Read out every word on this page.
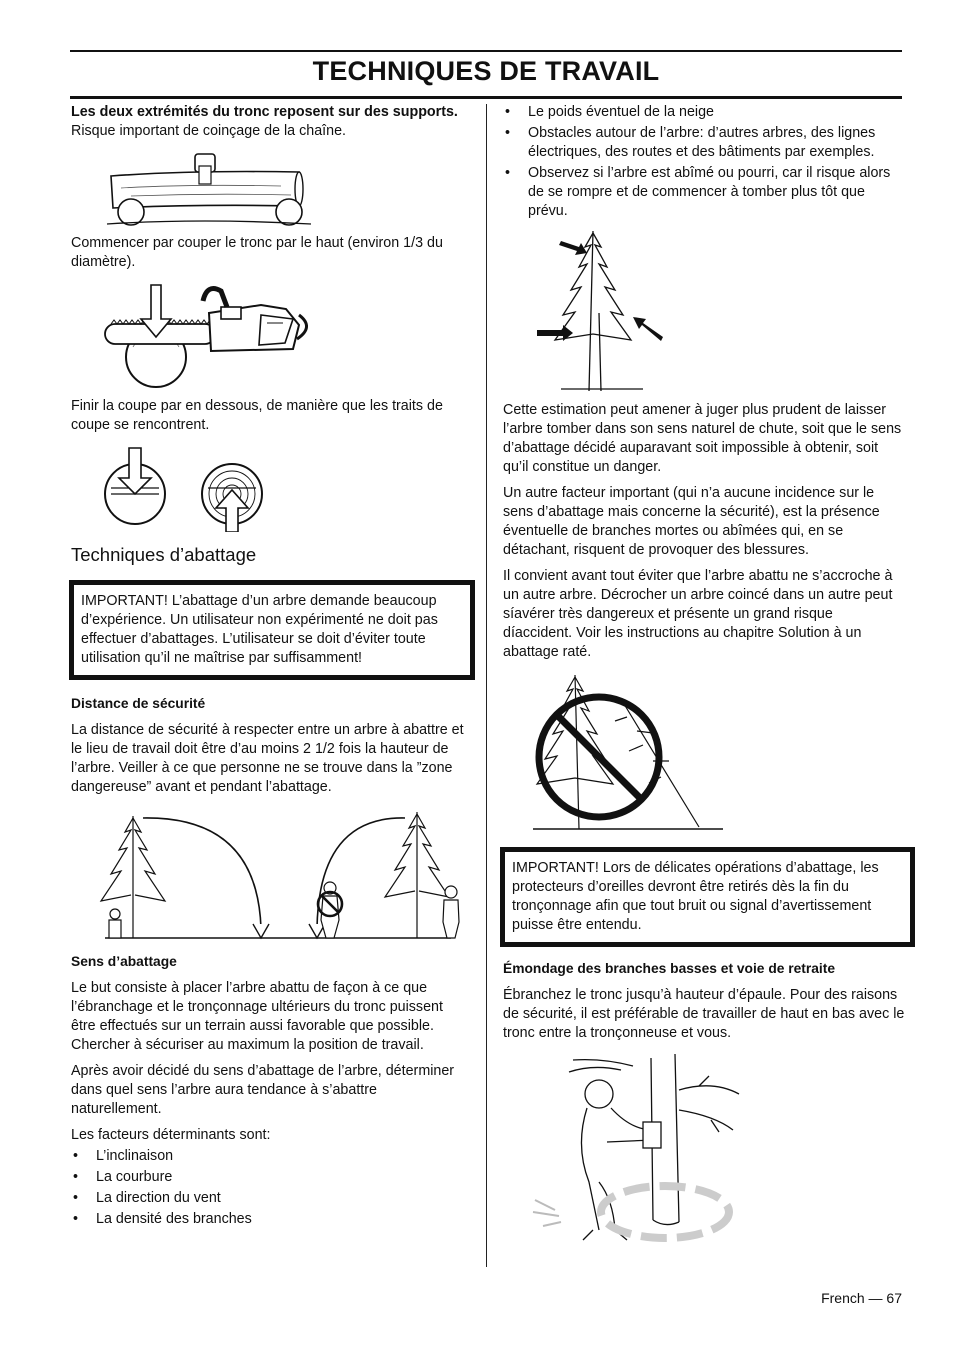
TECHNIQUES DE TRAVAIL

Les deux extrémités du tronc reposent sur des supports. Risque important de coinçage de la chaîne.

Commencer par couper le tronc par le haut (environ 1/3 du diamètre).

Finir la coupe par en dessous, de manière que les traits de coupe se rencontrent.

Techniques d’abattage
IMPORTANT! L’abattage d’un arbre demande beaucoup d’expérience. Un utilisateur non expérimenté ne doit pas effectuer d’abattages. L’utilisateur se doit d’éviter toute utilisation qu’il ne maîtrise par suffisamment!
Distance de sécurité

La distance de sécurité à respecter entre un arbre à abattre et le lieu de travail doit être d’au moins 2 1/2 fois la hauteur de l’arbre. Veiller à ce que personne ne se trouve dans la ”zone dangereuse” avant et pendant l’abattage.

Sens d’abattage

Le but consiste à placer l’arbre abattu de façon à ce que l’ébranchage et le tronçonnage ultérieurs du tronc puissent être effectués sur un terrain aussi favorable que possible. Chercher à sécuriser au maximum la position de travail.

Après avoir décidé du sens d’abattage de l’arbre, déterminer dans quel sens l’arbre aura tendance à s’abattre naturellement.

Les facteurs déterminants sont:

• L’inclinaison
• La courbure
• La direction du vent
• La densité des branches
• Le poids éventuel de la neige
• Obstacles autour de l’arbre: d’autres arbres, des lignes électriques, des routes et des bâtiments par exemples.
• Observez si l’arbre est abîmé ou pourri, car il risque alors de se rompre et de commencer à tomber plus tôt que prévu.

Cette estimation peut amener à juger plus prudent de laisser l’arbre tomber dans son sens naturel de chute, soit que le sens d’abattage décidé auparavant soit impossible à obtenir, soit qu’il constitue un danger.

Un autre facteur important (qui n’a aucune incidence sur le sens d’abattage mais concerne la sécurité), est la présence éventuelle de branches mortes ou abîmées qui, en se détachant, risquent de provoquer des blessures.

Il convient avant tout éviter que l’arbre abattu ne s’accroche à un autre arbre. Décrocher un arbre coincé dans un autre peut síavérer très dangereux et présente un grand risque díaccident. Voir les instructions au chapitre Solution à un abattage raté.

IMPORTANT! Lors de délicates opérations d’abattage, les protecteurs d’oreilles devront être retirés dès la fin du tronçonnage afin que tout bruit ou signal d’avertissement puisse être entendu.
Émondage des branches basses et voie de retraite

Ébranchez le tronc jusqu’à hauteur d’épaule. Pour des raisons de sécurité, il est préférable de travailler de haut en bas avec le tronc entre la tronçonneuse et vous.

French — 67
